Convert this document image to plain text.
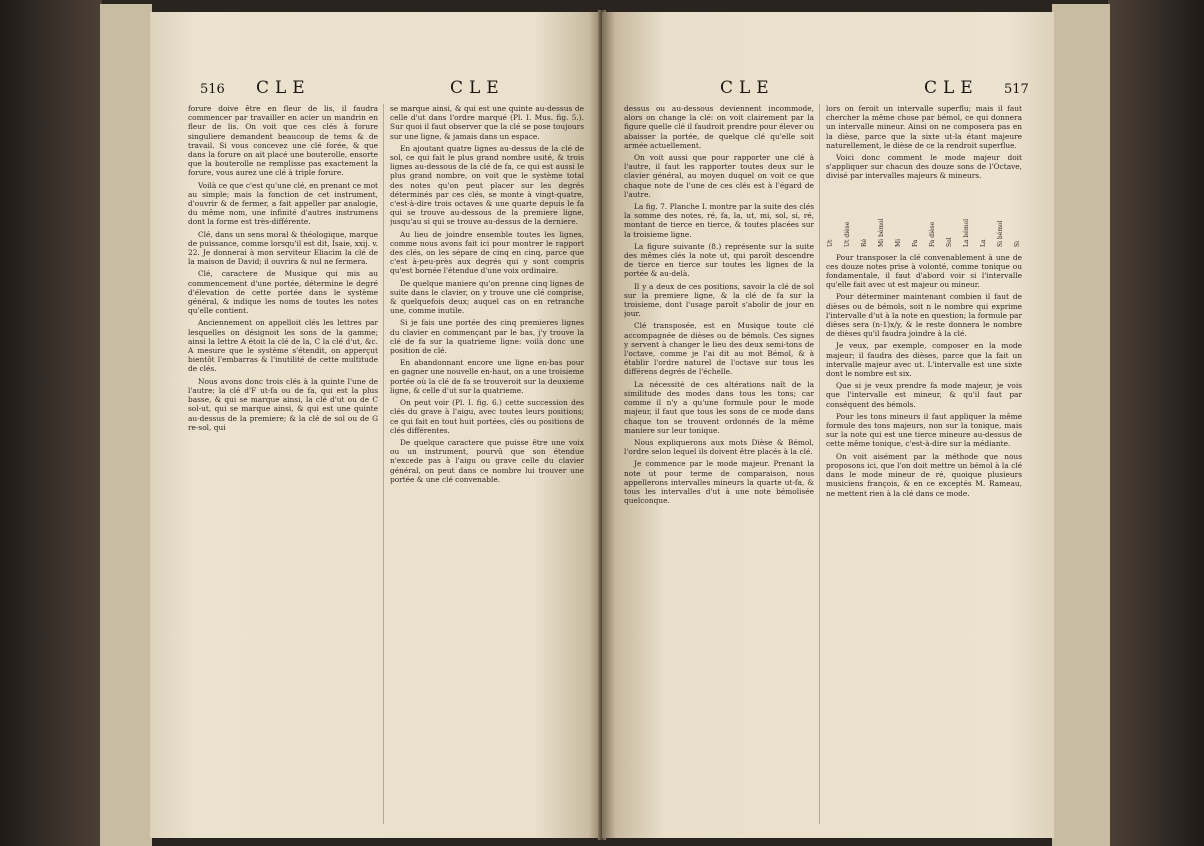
516 CLE	CLE

forure doive être en fleur de lis, il faudra commencer par travailler en acier un mandrin en fleur de lis. On voit que ces clés à forure singuliere demandent beaucoup de tems & de travail. Si vous concevez une clé forée, & que dans la forure on ait placé une bouterolle, ensorte que la bouterolle ne remplisse pas exactement la forure, vous aurez une clé à triple forure.

Voilà ce que c'est qu'une clé, en prenant ce mot au simple; mais la fonction de cet instrument, d'ouvrir & de fermer, a fait appeller par analogie, du même nom, une infinité d'autres instrumens dont la forme est très-différente.

Clé, dans un sens moral & théologique, marque de puissance, comme lorsqu'il est dit, Isaie, xxij. v. 22. Je donnerai à mon serviteur Eliacim la clé de la maison de David; il ouvrira & nul ne fermera.

Clé, caractere de Musique qui mis au commencement d'une portée, détermine le degré d'élevation de cette portée dans le système général, & indique les noms de toutes les notes qu'elle contient.

Anciennement on appelloit clés les lettres par lesquelles on désignoit les sons de la gamme; ainsi la lettre A étoit la clé de la, C la clé d'ut, &c. A mesure que le système s'étendit, on apperçut bientôt l'embarras & l'inutilité de cette multitude de clés.

Nous avons donc trois clés à la quinte l'une de l'autre; la clé d'F ut-fa ou de fa, qui est la plus basse, & qui se marque ainsi, la clé d'ut ou de C sol-ut, qui se marque ainsi, & qui est une quinte au-dessus de la premiere; & la clé de sol ou de G re-sol, qui

se marque ainsi, & qui est une quinte au-dessus de celle d'ut dans l'ordre marqué (Pl. I. Mus. fig. 5.). Sur quoi il faut observer que la clé se pose toujours sur une ligne, & jamais dans un espace.

En ajoutant quatre lignes au-dessus de la clé de sol, ce qui fait le plus grand nombre usité, & trois lignes au-dessous de la clé de fa, ce qui est aussi le plus grand nombre, on voit que le système total des notes qu'on peut placer sur les degrés déterminés par ces clés, se monte à vingt-quatre, c'est-à-dire trois octaves & une quarte depuis le fa qui se trouve au-dessous de la premiere ligne, jusqu'au si qui se trouve au-dessus de la derniere.

Au lieu de joindre ensemble toutes les lignes, comme nous avons fait ici pour montrer le rapport des clés, on les sépare de cinq en cinq, parce que c'est à-peu-près aux degrés qui y sont compris qu'est bornée l'étendue d'une voix ordinaire.

De quelque maniere qu'on prenne cinq lignes de suite dans le clavier, on y trouve une clé comprise, & quelquefois deux; auquel cas on en retranche une, comme inutile.

Si je fais une portée des cinq premieres lignes du clavier en commençant par le bas, j'y trouve la clé de fa sur la quatrieme ligne: voilà donc une position de clé.

En abandonnant encore une ligne en-bas pour en gagner une nouvelle en-haut, on a une troisieme portée où la clé de fa se trouveroit sur la deuxieme ligne, & celle d'ut sur la quatrieme.

On peut voir (Pl. I. fig. 6.) cette succession des clés du grave à l'aigu, avec toutes leurs positions; ce qui fait en tout huit portées, clés ou positions de clés différentes.

De quelque caractere que puisse être une voix ou un instrument, pourvû que son étendue n'excede pas à l'aigu ou grave celle du clavier général, on peut dans ce nombre lui trouver une portée & une clé convenable.

CLE	CLE 517

dessus ou au-dessous deviennent incommode, alors on change la clé: on voit clairement par la figure quelle clé il faudroit prendre pour élever ou abaisser la portée, de quelque clé qu'elle soit armée actuellement.

On voit aussi que pour rapporter une clé à l'autre, il faut les rapporter toutes deux sur le clavier général, au moyen duquel on voit ce que chaque note de l'une de ces clés est à l'égard de l'autre.

La fig. 7. Planche I. montre par la suite des clés la somme des notes, ré, fa, la, ut, mi, sol, si, ré, montant de tierce en tierce, & toutes placées sur la troisieme ligne.

La figure suivante (8.) représente sur la suite des mêmes clés la note ut, qui paroît descendre de tierce en tierce sur toutes les lignes de la portée & au-delà.

Il y a deux de ces positions, savoir la clé de sol sur la premiere ligne, & la clé de fa sur la troisieme, dont l'usage paroît s'abolir de jour en jour.

Clé transposée, est en Musique toute clé accompagnée de dièses ou de bémols. Ces signes y servent à changer le lieu des deux semi-tons de l'octave, comme je l'ai dit au mot Bémol, & à établir l'ordre naturel de l'octave sur tous les différens degrés de l'échelle.

La nécessité de ces altérations naît de la similitude des modes dans tous les tons; car comme il n'y a qu'une formule pour le mode majeur, il faut que tous les sons de ce mode dans chaque ton se trouvent ordonnés de la même maniere sur leur tonique.

Nous expliquerons aux mots Dièse & Bémol, l'ordre selon lequel ils doivent être placés à la clé.

Je commence par le mode majeur. Prenant la note ut pour terme de comparaison, nous appellerons intervalles mineurs la quarte ut-fa, & tous les intervalles d'ut à une note bémolisée quelconque.

lors on feroit un intervalle superflu; mais il faut chercher la même chose par bémol, ce qui donnera un intervalle mineur. Ainsi on ne composera pas en la dièse, parce que la sixte ut-la étant majeure naturellement, le dièse de ce la rendroit superflue.

Voici donc comment le mode majeur doit s'appliquer sur chacun des douze sons de l'Octave, divisé par intervalles majeurs & mineurs.

Ut Ut dièse Ré Mi bémol Mi Fa Fa dièse Sol La bémol La Si bémol Si

Pour transposer la clé convenablement à une de ces douze notes prise à volonté, comme tonique ou fondamentale, il faut d'abord voir si l'intervalle qu'elle fait avec ut est majeur ou mineur.

Pour déterminer maintenant combien il faut de dièses ou de bémols, soit n le nombre qui exprime l'intervalle d'ut à la note en question; la formule par dièses sera (n-1)x/y, & le reste donnera le nombre de dièses qu'il faudra joindre à la clé.

Je veux, par exemple, composer en la mode majeur; il faudra des dièses, parce que la fait un intervalle majeur avec ut. L'intervalle est une sixte dont le nombre est six.

Que si je veux prendre fa mode majeur, je vois que l'intervalle est mineur, & qu'il faut par conséquent des bémols.

Pour les tons mineurs il faut appliquer la même formule des tons majeurs, non sur la tonique, mais sur la note qui est une tierce mineure au-dessus de cette même tonique, c'est-à-dire sur la médiante.

On voit aisément par la méthode que nous proposons ici, que l'on doit mettre un bémol à la clé dans le mode mineur de ré, quoique plusieurs musiciens françois, & en ce exceptés M. Rameau, ne mettent rien à la clé dans ce mode.
